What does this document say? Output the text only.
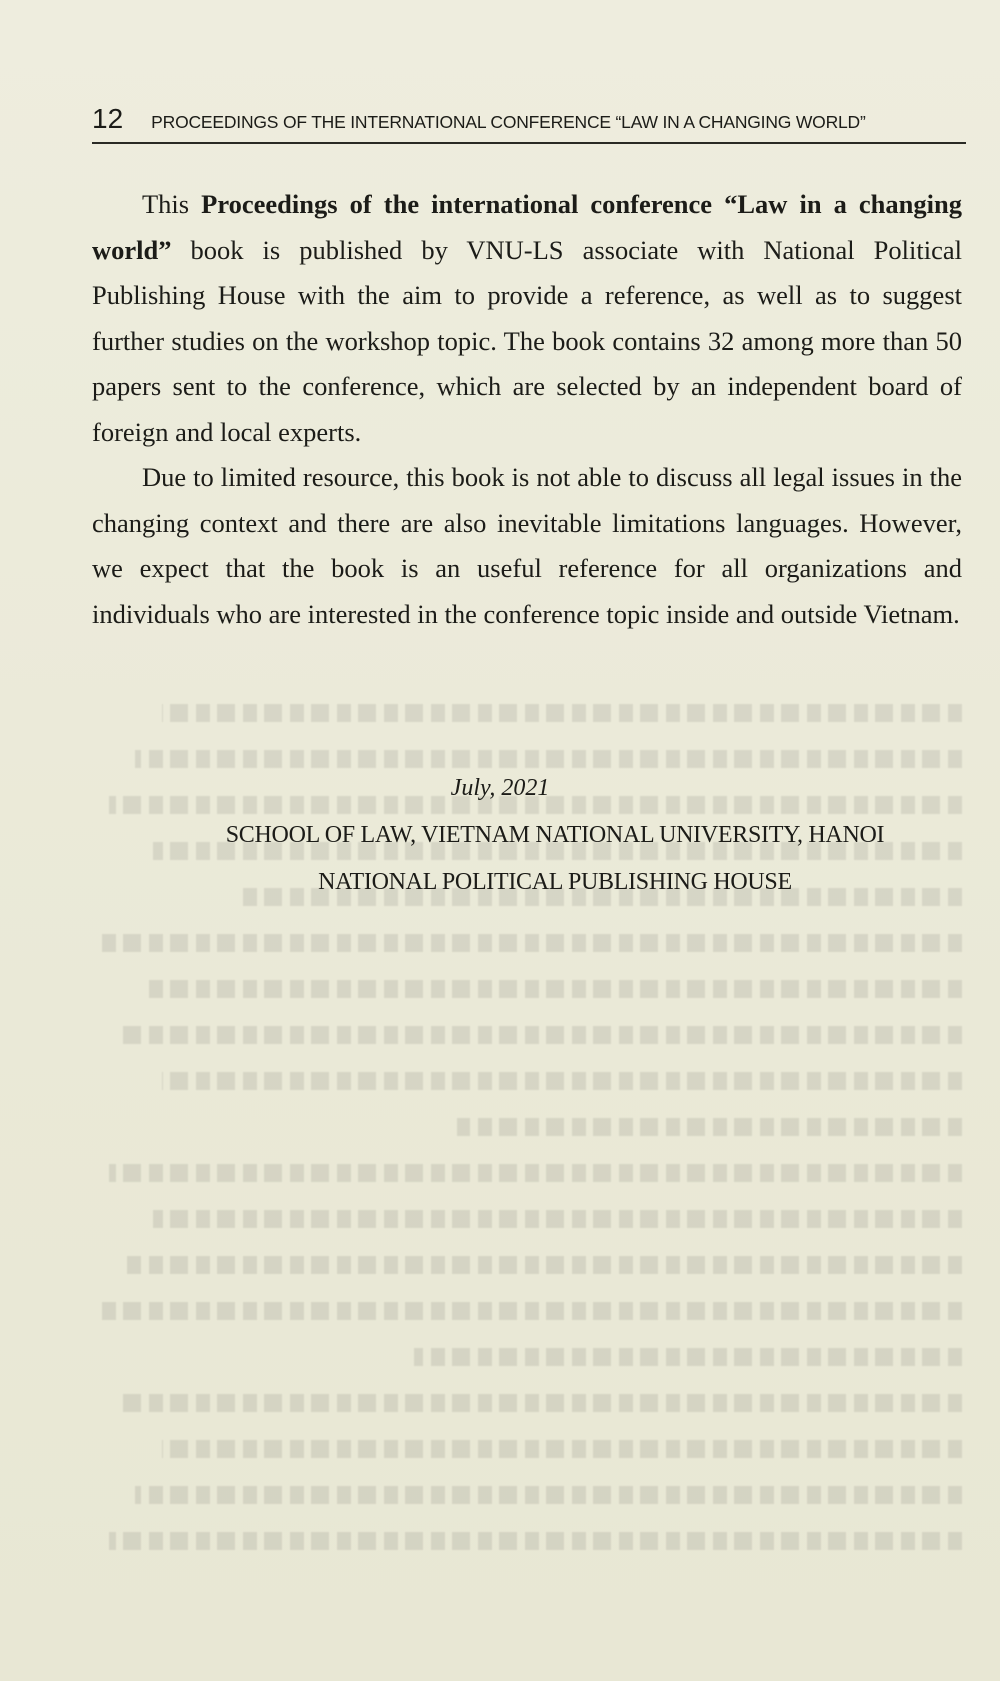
12 PROCEEDINGS OF THE INTERNATIONAL CONFERENCE “LAW IN A CHANGING WORLD”

This Proceedings of the international conference “Law in a changing world” book is published by VNU-LS associate with National Political Publishing House with the aim to provide a reference, as well as to suggest further studies on the workshop topic. The book contains 32 among more than 50 papers sent to the conference, which are selected by an independent board of foreign and local experts.

Due to limited resource, this book is not able to discuss all legal issues in the changing context and there are also inevitable limitations languages. However, we expect that the book is an useful reference for all organizations and individuals who are interested in the conference topic inside and outside Vietnam.

July, 2021
SCHOOL OF LAW, VIETNAM NATIONAL UNIVERSITY, HANOI
NATIONAL POLITICAL PUBLISHING HOUSE
